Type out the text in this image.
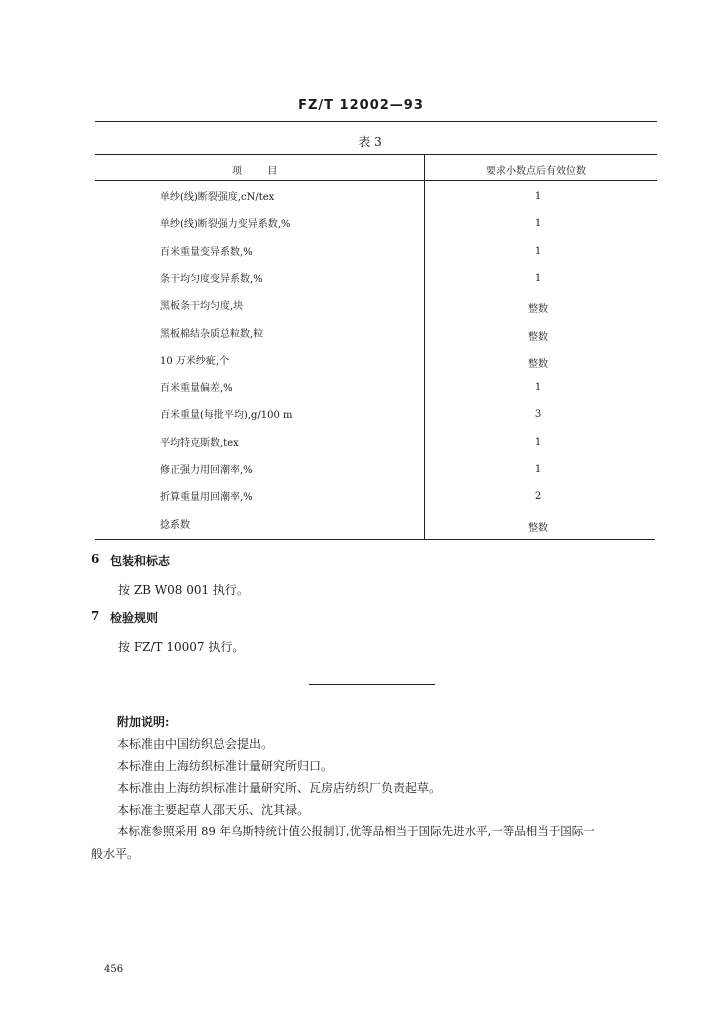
FZ/T 12002—93
表 3
项        目	要求小数点后有效位数
单纱(线)断裂强度,cN/tex	1
单纱(线)断裂强力变异系数,%	1
百米重量变异系数,%	1
条干均匀度变异系数,%	1
黑板条干均匀度,块	整数
黑板棉结杂质总粒数,粒	整数
10 万米纱疵,个	整数
百米重量偏差,%	1
百米重量(每批平均),g/100 m	3
平均特克斯数,tex	1
修正强力用回潮率,%	1
折算重量用回潮率,%	2
捻系数	整数
6 包装和标志
按 ZB W08 001 执行。
7 检验规则
按 FZ/T 10007 执行。
附加说明:
本标准由中国纺织总会提出。
本标准由上海纺织标准计量研究所归口。
本标准由上海纺织标准计量研究所、瓦房店纺织厂负责起草。
本标准主要起草人邵天乐、沈其禄。
本标准参照采用 89 年乌斯特统计值公报制订,优等品相当于国际先进水平,一等品相当于国际一
般水平。
456
